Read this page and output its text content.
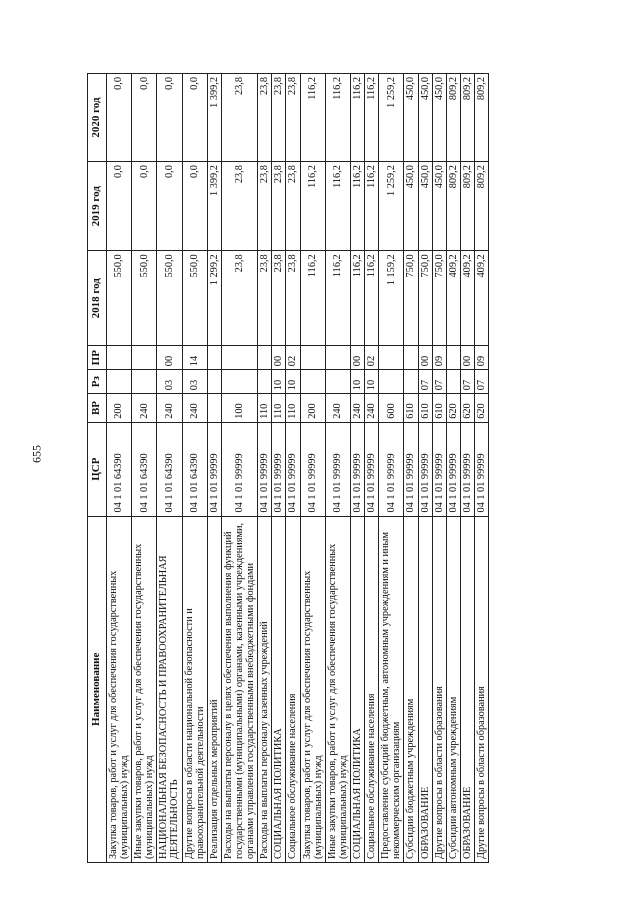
655
Наименование	ЦСР	ВР	Рз	ПР	2018 год	2019 год	2020 год
Закупка товаров, работ и услуг для обеспечения государственных (муниципальных) нужд	04 1 01 64390	200			550,0	0,0	0,0
Иные закупки товаров, работ и услуг для обеспечения государственных (муниципальных) нужд	04 1 01 64390	240			550,0	0,0	0,0
НАЦИОНАЛЬНАЯ БЕЗОПАСНОСТЬ И ПРАВООХРАНИТЕЛЬНАЯ ДЕЯТЕЛЬНОСТЬ	04 1 01 64390	240	03	00	550,0	0,0	0,0
Другие вопросы в области национальной безопасности и правоохранительной деятельности	04 1 01 64390	240	03	14	550,0	0,0	0,0
Реализация отдельных мероприятий	04 1 01 99999				1 299,2	1 399,2	1 399,2
Расходы на выплаты персоналу в целях обеспечения выполнения функций государственными (муниципальными) органами, казенными учреждениями, органами управления государственными внебюджетными фондами	04 1 01 99999	100			23,8	23,8	23,8
Расходы на выплаты персоналу казенных учреждений	04 1 01 99999	110			23,8	23,8	23,8
СОЦИАЛЬНАЯ ПОЛИТИКА	04 1 01 99999	110	10	00	23,8	23,8	23,8
Социальное обслуживание населения	04 1 01 99999	110	10	02	23,8	23,8	23,8
Закупка товаров, работ и услуг для обеспечения государственных (муниципальных) нужд	04 1 01 99999	200			116,2	116,2	116,2
Иные закупки товаров, работ и услуг для обеспечения государственных (муниципальных) нужд	04 1 01 99999	240			116,2	116,2	116,2
СОЦИАЛЬНАЯ ПОЛИТИКА	04 1 01 99999	240	10	00	116,2	116,2	116,2
Социальное обслуживание населения	04 1 01 99999	240	10	02	116,2	116,2	116,2
Предоставление субсидий бюджетным, автономным учреждениям и иным некоммерческим организациям	04 1 01 99999	600			1 159,2	1 259,2	1 259,2
Субсидии бюджетным учреждениям	04 1 01 99999	610			750,0	450,0	450,0
ОБРАЗОВАНИЕ	04 1 01 99999	610	07	00	750,0	450,0	450,0
Другие вопросы в области образования	04 1 01 99999	610	07	09	750,0	450,0	450,0
Субсидии автономным учреждениям	04 1 01 99999	620			409,2	809,2	809,2
ОБРАЗОВАНИЕ	04 1 01 99999	620	07	00	409,2	809,2	809,2
Другие вопросы в области образования	04 1 01 99999	620	07	09	409,2	809,2	809,2
